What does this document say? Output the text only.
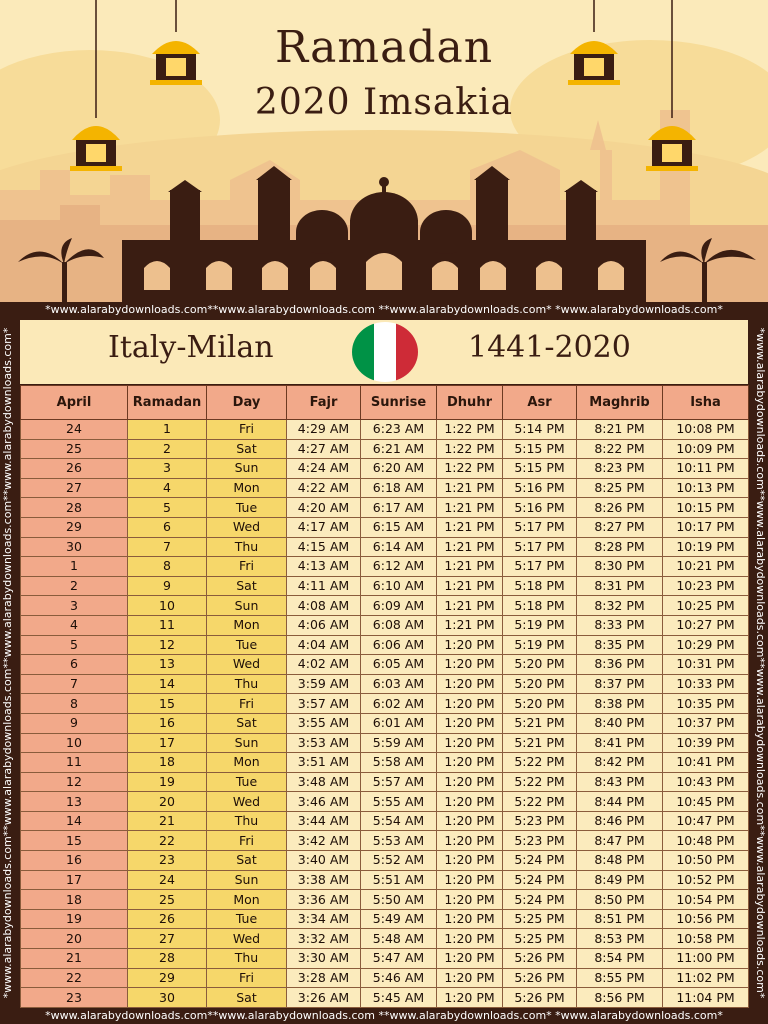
Ramadan
2020 Imsakia
*www.alarabydownloads.com**www.alarabydownloads.com **www.alarabydownloads.com* *www.alarabydownloads.com*
*www.alarabydownloads.com**www.alarabydownloads.com**www.alarabydownloads.com**www.alarabydownloads.com*	*www.alarabydownloads.com**www.alarabydownloads.com**www.alarabydownloads.com**www.alarabydownloads.com*
*www.alarabydownloads.com**www.alarabydownloads.com **www.alarabydownloads.com* *www.alarabydownloads.com*
Italy-Milan	1441-2020
April	Ramadan	Day	Fajr	Sunrise	Dhuhr	Asr	Maghrib	Isha
24	1	Fri	4:29 AM	6:23 AM	1:22 PM	5:14 PM	8:21 PM	10:08 PM
25	2	Sat	4:27 AM	6:21 AM	1:22 PM	5:15 PM	8:22 PM	10:09 PM
26	3	Sun	4:24 AM	6:20 AM	1:22 PM	5:15 PM	8:23 PM	10:11 PM
27	4	Mon	4:22 AM	6:18 AM	1:21 PM	5:16 PM	8:25 PM	10:13 PM
28	5	Tue	4:20 AM	6:17 AM	1:21 PM	5:16 PM	8:26 PM	10:15 PM
29	6	Wed	4:17 AM	6:15 AM	1:21 PM	5:17 PM	8:27 PM	10:17 PM
30	7	Thu	4:15 AM	6:14 AM	1:21 PM	5:17 PM	8:28 PM	10:19 PM
1	8	Fri	4:13 AM	6:12 AM	1:21 PM	5:17 PM	8:30 PM	10:21 PM
2	9	Sat	4:11 AM	6:10 AM	1:21 PM	5:18 PM	8:31 PM	10:23 PM
3	10	Sun	4:08 AM	6:09 AM	1:21 PM	5:18 PM	8:32 PM	10:25 PM
4	11	Mon	4:06 AM	6:08 AM	1:21 PM	5:19 PM	8:33 PM	10:27 PM
5	12	Tue	4:04 AM	6:06 AM	1:20 PM	5:19 PM	8:35 PM	10:29 PM
6	13	Wed	4:02 AM	6:05 AM	1:20 PM	5:20 PM	8:36 PM	10:31 PM
7	14	Thu	3:59 AM	6:03 AM	1:20 PM	5:20 PM	8:37 PM	10:33 PM
8	15	Fri	3:57 AM	6:02 AM	1:20 PM	5:20 PM	8:38 PM	10:35 PM
9	16	Sat	3:55 AM	6:01 AM	1:20 PM	5:21 PM	8:40 PM	10:37 PM
10	17	Sun	3:53 AM	5:59 AM	1:20 PM	5:21 PM	8:41 PM	10:39 PM
11	18	Mon	3:51 AM	5:58 AM	1:20 PM	5:22 PM	8:42 PM	10:41 PM
12	19	Tue	3:48 AM	5:57 AM	1:20 PM	5:22 PM	8:43 PM	10:43 PM
13	20	Wed	3:46 AM	5:55 AM	1:20 PM	5:22 PM	8:44 PM	10:45 PM
14	21	Thu	3:44 AM	5:54 AM	1:20 PM	5:23 PM	8:46 PM	10:47 PM
15	22	Fri	3:42 AM	5:53 AM	1:20 PM	5:23 PM	8:47 PM	10:48 PM
16	23	Sat	3:40 AM	5:52 AM	1:20 PM	5:24 PM	8:48 PM	10:50 PM
17	24	Sun	3:38 AM	5:51 AM	1:20 PM	5:24 PM	8:49 PM	10:52 PM
18	25	Mon	3:36 AM	5:50 AM	1:20 PM	5:24 PM	8:50 PM	10:54 PM
19	26	Tue	3:34 AM	5:49 AM	1:20 PM	5:25 PM	8:51 PM	10:56 PM
20	27	Wed	3:32 AM	5:48 AM	1:20 PM	5:25 PM	8:53 PM	10:58 PM
21	28	Thu	3:30 AM	5:47 AM	1:20 PM	5:26 PM	8:54 PM	11:00 PM
22	29	Fri	3:28 AM	5:46 AM	1:20 PM	5:26 PM	8:55 PM	11:02 PM
23	30	Sat	3:26 AM	5:45 AM	1:20 PM	5:26 PM	8:56 PM	11:04 PM
